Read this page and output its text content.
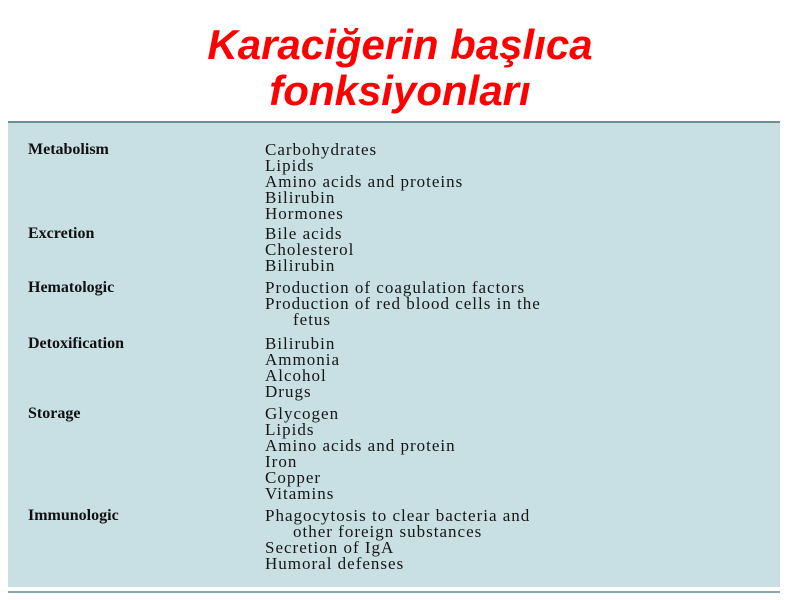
Karaciğerin başlıca
fonksiyonları
Metabolism	Carbohydrates
Lipids
Amino acids and proteins
Bilirubin
Hormones
Excretion	Bile acids
Cholesterol
Bilirubin
Hematologic	Production of coagulation factors
Production of red blood cells in the
fetus
Detoxification	Bilirubin
Ammonia
Alcohol
Drugs
Storage	Glycogen
Lipids
Amino acids and protein
Iron
Copper
Vitamins
Immunologic	Phagocytosis to clear bacteria and
other foreign substances
Secretion of IgA
Humoral defenses
